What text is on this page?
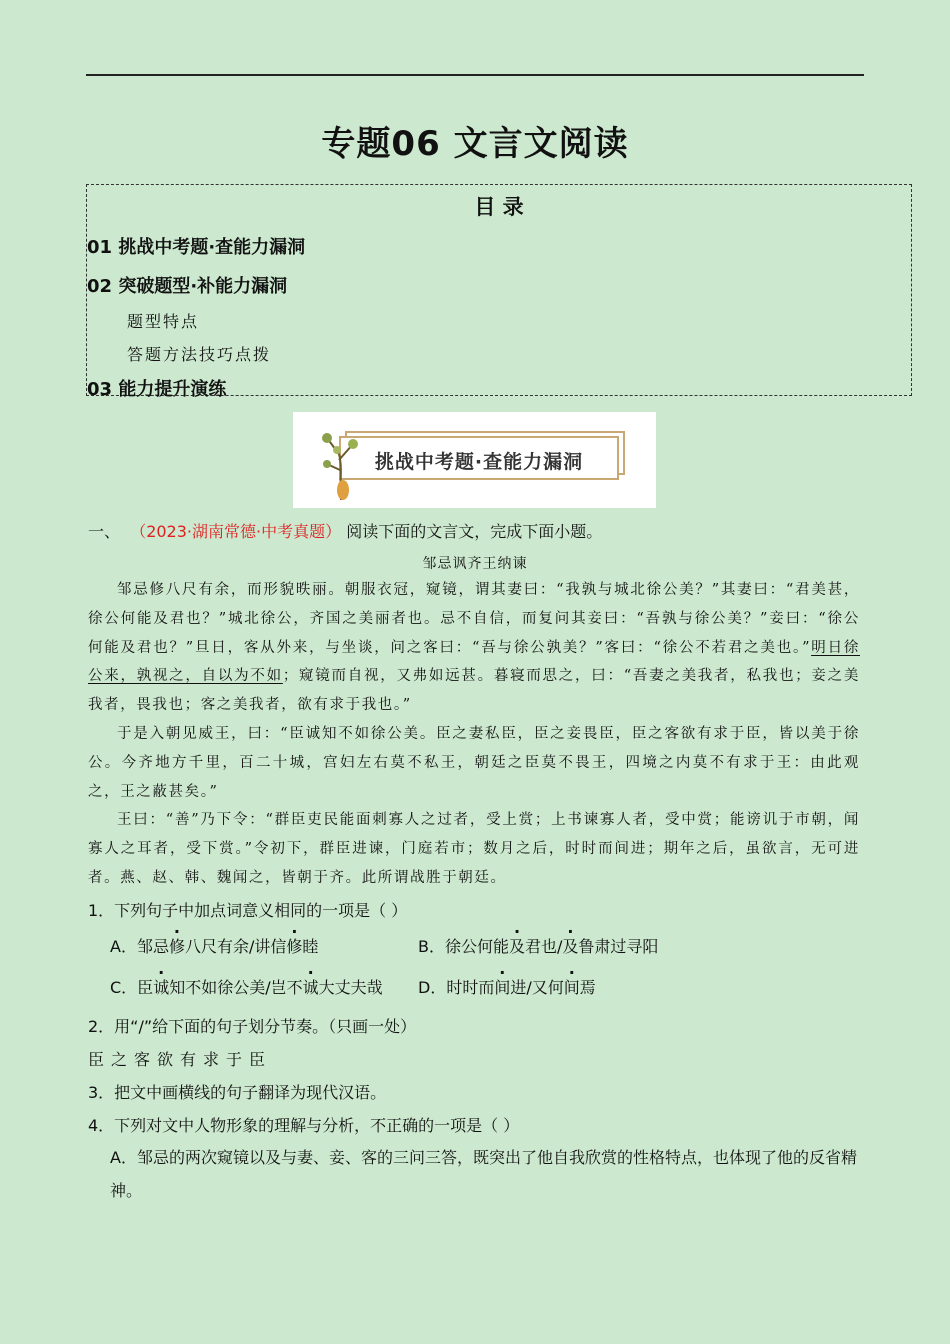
专题06 文言文阅读
目 录
01 挑战中考题·查能力漏洞
02 突破题型·补能力漏洞
题型特点
答题方法技巧点拨
03 能力提升演练
挑战中考题·查能力漏洞
一、 （2023·湖南常德·中考真题） 阅读下面的文言文，完成下面小题。
邹忌讽齐王纳谏
邹忌修八尺有余，而形貌昳丽。朝服衣冠，窥镜，谓其妻曰：“我孰与城北徐公美？”其妻曰：“君美甚，徐公何能及君也？”城北徐公，齐国之美丽者也。忌不自信，而复问其妾曰：“吾孰与徐公美？”妾曰：“徐公何能及君也？”旦日，客从外来，与坐谈，问之客曰：“吾与徐公孰美？”客曰：“徐公不若君之美也。”明日徐公来，孰视之，自以为不如；窥镜而自视，又弗如远甚。暮寝而思之，曰：“吾妻之美我者，私我也；妾之美我者，畏我也；客之美我者，欲有求于我也。”
于是入朝见威王，曰：“臣诚知不如徐公美。臣之妻私臣，臣之妾畏臣，臣之客欲有求于臣，皆以美于徐公。今齐地方千里，百二十城，宫妇左右莫不私王，朝廷之臣莫不畏王，四境之内莫不有求于王：由此观之，王之蔽甚矣。”
王曰：“善”乃下令：“群臣吏民能面刺寡人之过者，受上赏；上书谏寡人者，受中赏；能谤讥于市朝，闻寡人之耳者，受下赏。”令初下，群臣进谏，门庭若市；数月之后，时时而间进；期年之后，虽欲言，无可进者。燕、赵、韩、魏闻之，皆朝于齐。此所谓战胜于朝廷。
1．下列句子中加点词意义相同的一项是（ ）
A．邹忌修八尺有余/讲信修睦	B．徐公何能及君也/及鲁肃过寻阳
C．臣诚知不如徐公美/岂不诚大丈夫哉 D．时时而间进/又何间焉
2．用“/”给下面的句子划分节奏。（只画一处）
臣之客欲有求于臣
3．把文中画横线的句子翻译为现代汉语。
4．下列对文中人物形象的理解与分析，不正确的一项是（ ）
A．邹忌的两次窥镜以及与妻、妾、客的三问三答，既突出了他自我欣赏的性格特点，也体现了他的反省精神。
